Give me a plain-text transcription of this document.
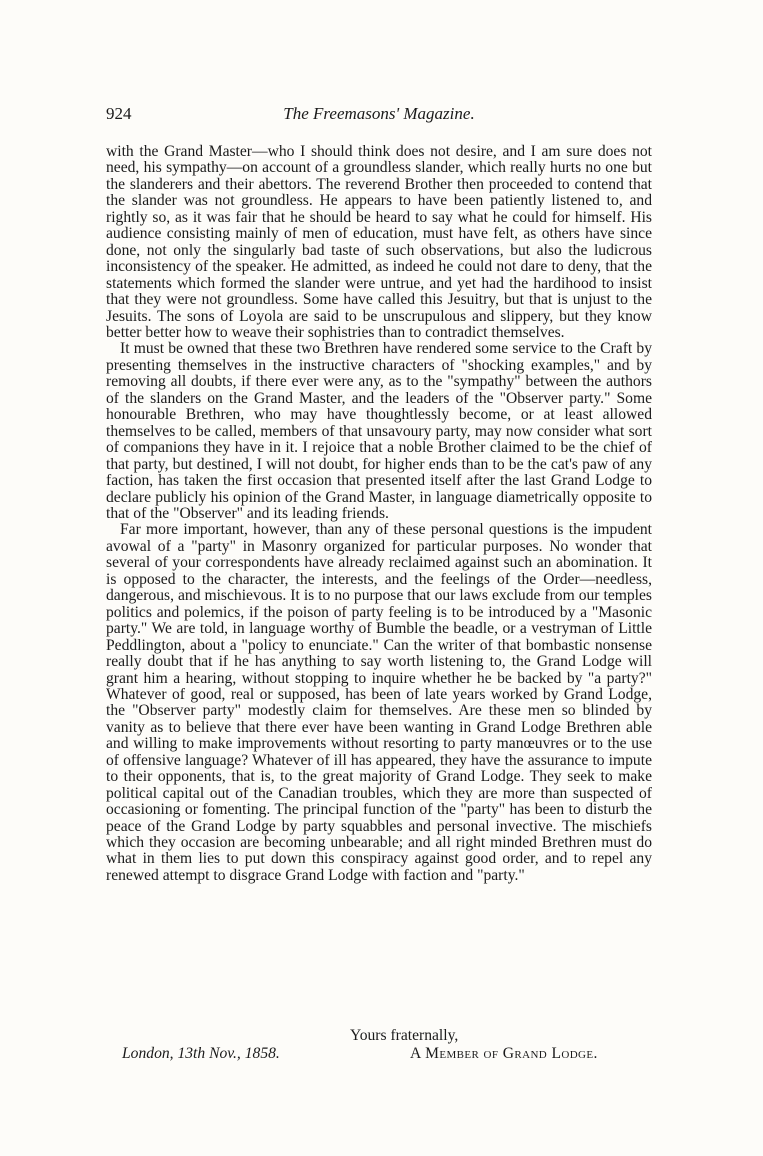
924	The Freemasons' Magazine.

with the Grand Master—who I should think does not desire, and I am sure does not need, his sympathy—on account of a groundless slander, which really hurts no one but the slanderers and their abettors. The reverend Brother then proceeded to contend that the slander was not groundless. He appears to have been patiently listened to, and rightly so, as it was fair that he should be heard to say what he could for himself. His audience consisting mainly of men of education, must have felt, as others have since done, not only the singularly bad taste of such observations, but also the ludicrous inconsistency of the speaker. He admitted, as indeed he could not dare to deny, that the statements which formed the slander were untrue, and yet had the hardihood to insist that they were not groundless. Some have called this Jesuitry, but that is unjust to the Jesuits. The sons of Loyola are said to be unscrupulous and slippery, but they know better better how to weave their sophistries than to contradict themselves.

It must be owned that these two Brethren have rendered some service to the Craft by presenting themselves in the instructive characters of "shocking examples," and by removing all doubts, if there ever were any, as to the "sympathy" between the authors of the slanders on the Grand Master, and the leaders of the "Observer party." Some honourable Brethren, who may have thoughtlessly become, or at least allowed themselves to be called, members of that unsavoury party, may now consider what sort of companions they have in it. I rejoice that a noble Brother claimed to be the chief of that party, but destined, I will not doubt, for higher ends than to be the cat's paw of any faction, has taken the first occasion that presented itself after the last Grand Lodge to declare publicly his opinion of the Grand Master, in language diametrically opposite to that of the "Observer" and its leading friends.

Far more important, however, than any of these personal questions is the impudent avowal of a "party" in Masonry organized for particular purposes. No wonder that several of your correspondents have already reclaimed against such an abomination. It is opposed to the character, the interests, and the feelings of the Order—needless, dangerous, and mischievous. It is to no purpose that our laws exclude from our temples politics and polemics, if the poison of party feeling is to be introduced by a "Masonic party." We are told, in language worthy of Bumble the beadle, or a vestryman of Little Peddlington, about a "policy to enunciate." Can the writer of that bombastic nonsense really doubt that if he has anything to say worth listening to, the Grand Lodge will grant him a hearing, without stopping to inquire whether he be backed by "a party?" Whatever of good, real or supposed, has been of late years worked by Grand Lodge, the "Observer party" modestly claim for themselves. Are these men so blinded by vanity as to believe that there ever have been wanting in Grand Lodge Brethren able and willing to make improvements without resorting to party manœuvres or to the use of offensive language? Whatever of ill has appeared, they have the assurance to impute to their opponents, that is, to the great majority of Grand Lodge. They seek to make political capital out of the Canadian troubles, which they are more than suspected of occasioning or fomenting. The principal function of the "party" has been to disturb the peace of the Grand Lodge by party squabbles and personal invective. The mischiefs which they occasion are becoming unbearable; and all right minded Brethren must do what in them lies to put down this conspiracy against good order, and to repel any renewed attempt to disgrace Grand Lodge with faction and "party."

Yours fraternally,
London, 13th Nov., 1858.	A Member of Grand Lodge.
